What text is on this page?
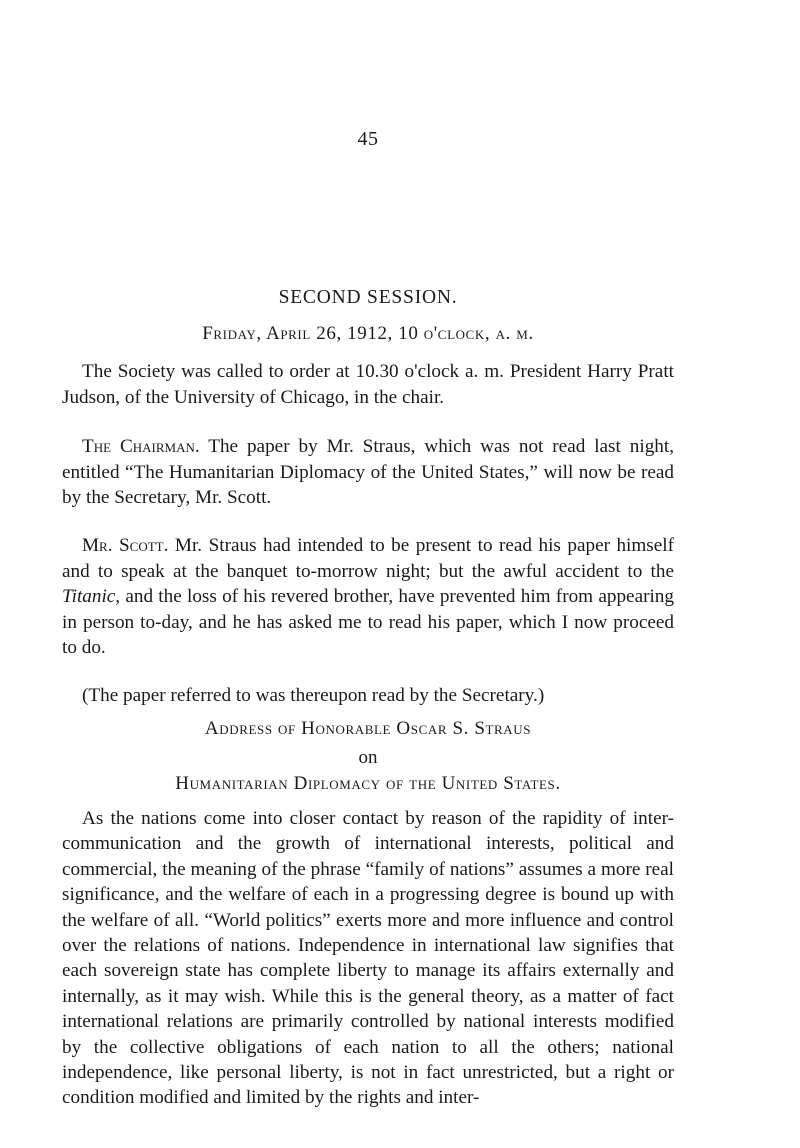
45
SECOND SESSION.
Friday, April 26, 1912, 10 o'clock, a. m.

The Society was called to order at 10.30 o'clock a. m. President Harry Pratt Judson, of the University of Chicago, in the chair.

The Chairman. The paper by Mr. Straus, which was not read last night, entitled “The Humanitarian Diplomacy of the United States,” will now be read by the Secretary, Mr. Scott.

Mr. Scott. Mr. Straus had intended to be present to read his paper himself and to speak at the banquet to-morrow night; but the awful accident to the Titanic, and the loss of his revered brother, have prevented him from appearing in person to-day, and he has asked me to read his paper, which I now proceed to do.

(The paper referred to was thereupon read by the Secretary.)

Address of Honorable Oscar S. Straus
on
Humanitarian Diplomacy of the United States.

As the nations come into closer contact by reason of the rapidity of inter-communication and the growth of international interests, political and commercial, the meaning of the phrase “family of nations” assumes a more real significance, and the welfare of each in a progressing degree is bound up with the welfare of all. “World politics” exerts more and more influence and control over the relations of nations. Independence in international law signifies that each sovereign state has complete liberty to manage its affairs externally and internally, as it may wish. While this is the general theory, as a matter of fact international relations are primarily controlled by national interests modified by the collective obligations of each nation to all the others; national independence, like personal liberty, is not in fact unrestricted, but a right or condition modified and limited by the rights and inter-
